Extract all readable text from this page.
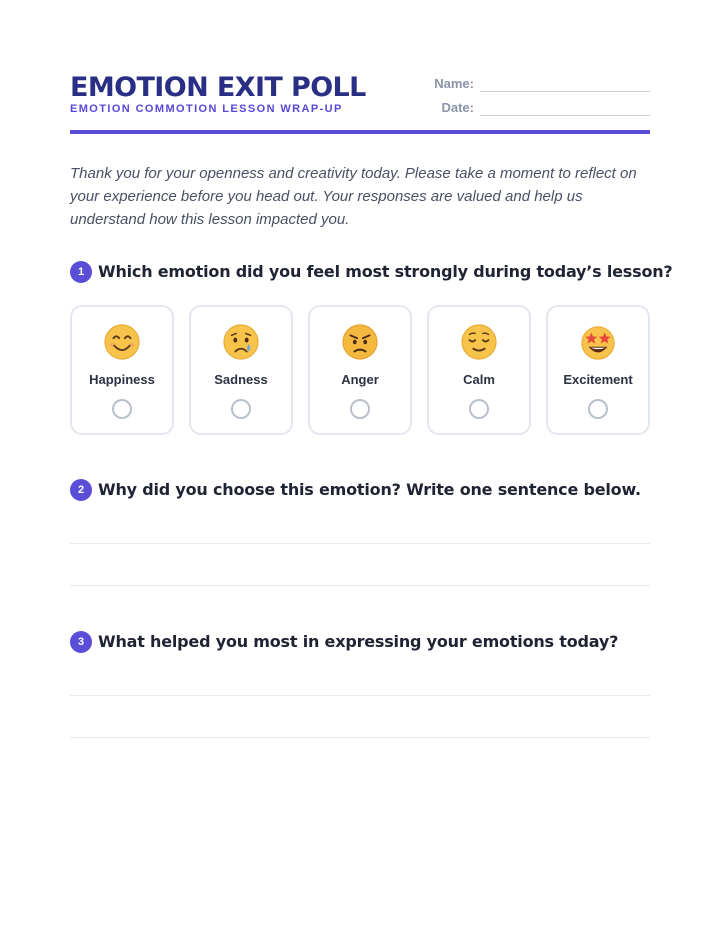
EMOTION EXIT POLL
EMOTION COMMOTION LESSON WRAP-UP
Name:
Date:

Thank you for your openness and creativity today. Please take a moment to reflect on your experience before you head out. Your responses are valued and help us understand how this lesson impacted you.

1 Which emotion did you feel most strongly during today’s lesson?
Happiness	Sadness	Anger	Calm	Excitement
2 Why did you choose this emotion? Write one sentence below.
3 What helped you most in expressing your emotions today?
